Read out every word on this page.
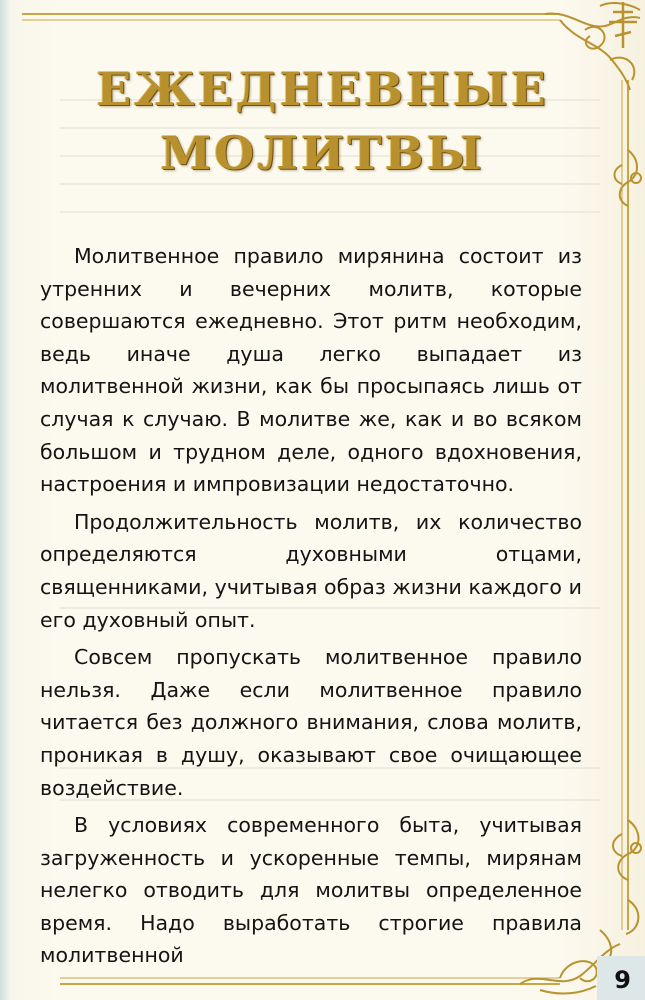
ЕЖЕДНЕВНЫЕ
МОЛИТВЫ

Молитвенное правило мирянина состоит из утренних и вечерних молитв, которые совершаются ежедневно. Этот ритм необходим, ведь иначе душа легко выпадает из молитвенной жизни, как бы просыпаясь лишь от случая к случаю. В молитве же, как и во всяком большом и трудном деле, одного вдохновения, настроения и импровизации недостаточно.

Продолжительность молитв, их количество определяются духовными отцами, священниками, учитывая образ жизни каждого и его духовный опыт.

Совсем пропускать молитвенное правило нельзя. Даже если молитвенное правило читается без должного внимания, слова молитв, проникая в душу, оказывают свое очищающее воздействие.

В условиях современного быта, учитывая загруженность и ускоренные темпы, мирянам нелегко отводить для молитвы определенное время. Надо выработать строгие правила молитвенной

9
